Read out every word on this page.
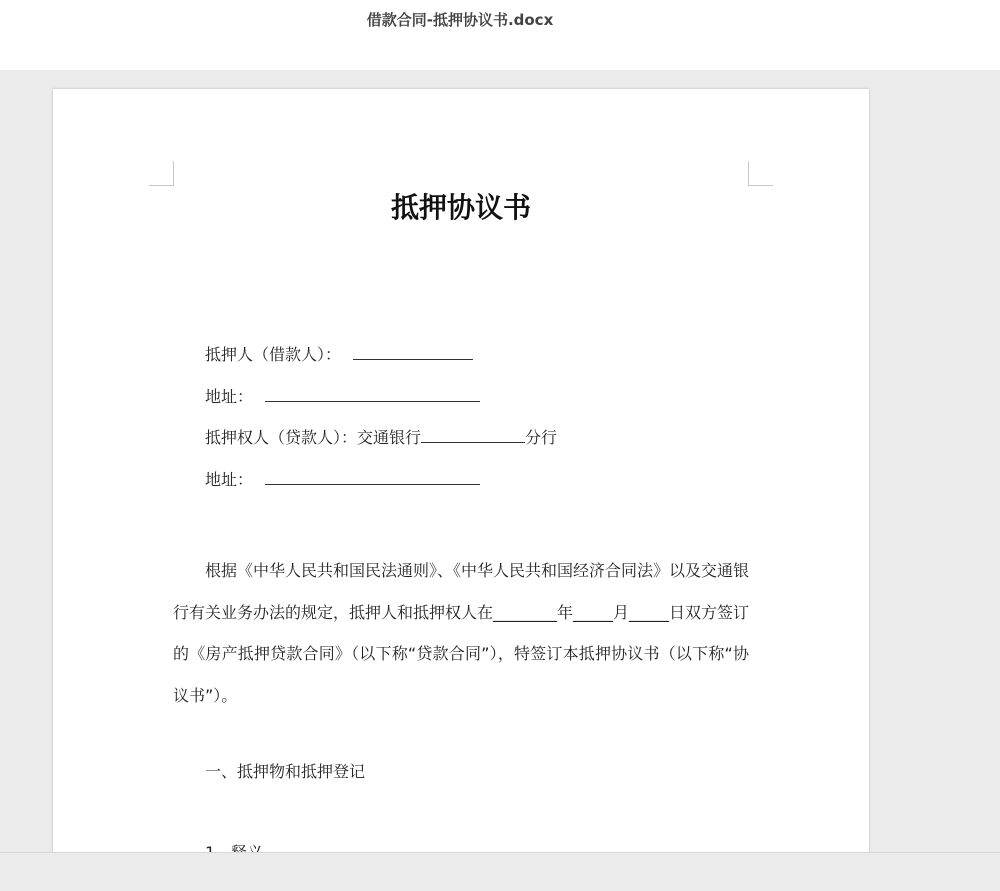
借款合同-抵押协议书.docx
抵押协议书
抵押人（借款人）：
地址：
抵押权人（贷款人）：交通银行	分行
地址：
根据《中华人民共和国民法通则》、《中华人民共和国经济合同法》以及交通银行有关业务办法的规定，抵押人和抵押权人在________年_____月_____日双方签订的《房产抵押贷款合同》（以下称“贷款合同”），特签订本抵押协议书（以下称“协议书”）。
一、抵押物和抵押登记
